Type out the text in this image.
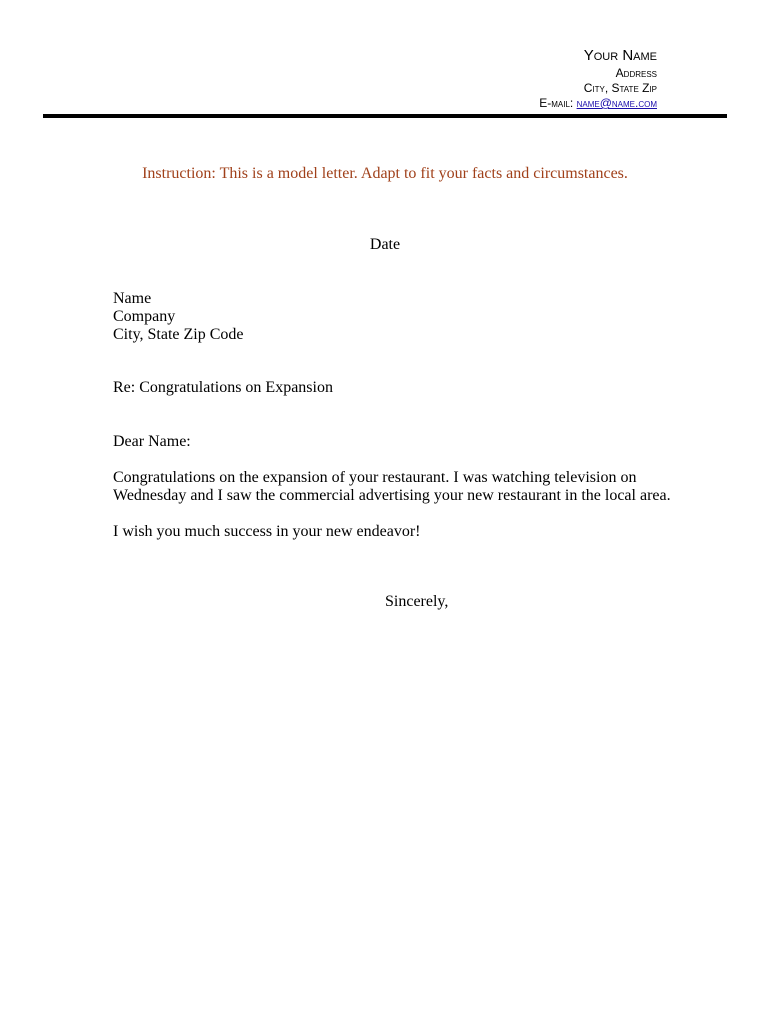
Your Name
Address
City, State Zip
E-mail: name@name.com
Instruction: This is a model letter. Adapt to fit your facts and circumstances.
Date
Name
Company
City, State Zip Code
Re: Congratulations on Expansion
Dear Name:
Congratulations on the expansion of your restaurant. I was watching television on Wednesday and I saw the commercial advertising your new restaurant in the local area.
I wish you much success in your new endeavor!
Sincerely,
